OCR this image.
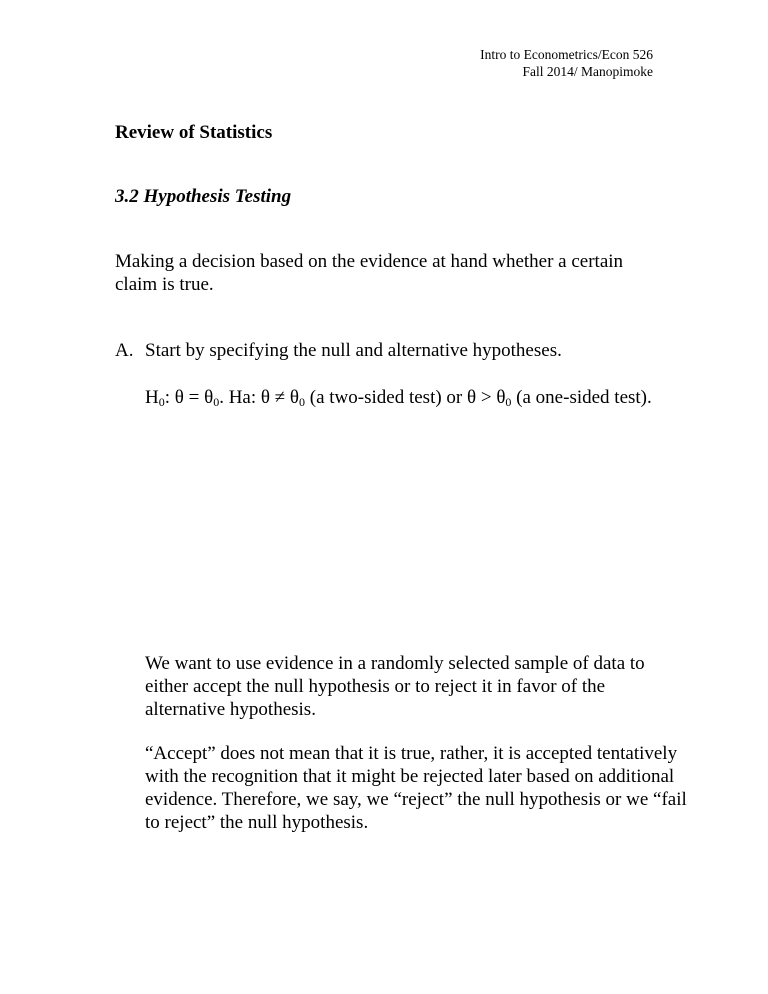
Intro to Econometrics/Econ 526
Fall 2014/ Manopimoke
Review of Statistics
3.2 Hypothesis Testing

Making a decision based on the evidence at hand whether a certain claim is true.

A. Start by specifying the null and alternative hypotheses.

$H_0$: $\theta = \theta_0$. Ha: $\theta \ne \theta_0$ (a two-sided test) or $\theta > \theta_0$ (a one-sided test).

We want to use evidence in a randomly selected sample of data to either accept the null hypothesis or to reject it in favor of the alternative hypothesis.

“Accept” does not mean that it is true, rather, it is accepted tentatively with the recognition that it might be rejected later based on additional evidence. Therefore, we say, we “reject” the null hypothesis or we “fail to reject” the null hypothesis.
